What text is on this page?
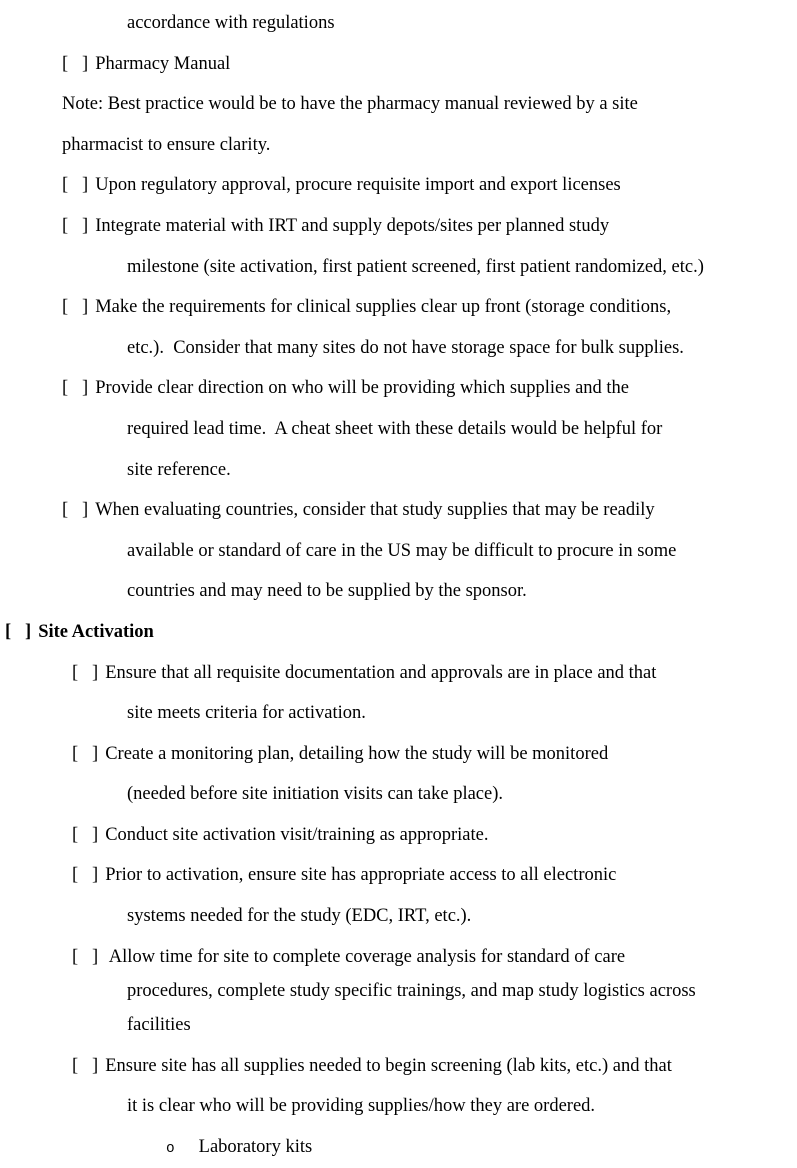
accordance with regulations
[   ] Pharmacy Manual
Note: Best practice would be to have the pharmacy manual reviewed by a site
pharmacist to ensure clarity.
[   ] Upon regulatory approval, procure requisite import and export licenses
[   ] Integrate material with IRT and supply depots/sites per planned study
milestone (site activation, first patient screened, first patient randomized, etc.)
[   ] Make the requirements for clinical supplies clear up front (storage conditions,
etc.).  Consider that many sites do not have storage space for bulk supplies.
[   ] Provide clear direction on who will be providing which supplies and the
required lead time.  A cheat sheet with these details would be helpful for
site reference.
[   ] When evaluating countries, consider that study supplies that may be readily
available or standard of care in the US may be difficult to procure in some
countries and may need to be supplied by the sponsor.
[   ] Site Activation
[   ] Ensure that all requisite documentation and approvals are in place and that
site meets criteria for activation.
[   ] Create a monitoring plan, detailing how the study will be monitored
(needed before site initiation visits can take place).
[   ] Conduct site activation visit/training as appropriate.
[   ] Prior to activation, ensure site has appropriate access to all electronic
systems needed for the study (EDC, IRT, etc.).
[   ] Allow time for site to complete coverage analysis for standard of care
procedures, complete study specific trainings, and map study logistics across
facilities
[   ] Ensure site has all supplies needed to begin screening (lab kits, etc.) and that
it is clear who will be providing supplies/how they are ordered.
o Laboratory kits
